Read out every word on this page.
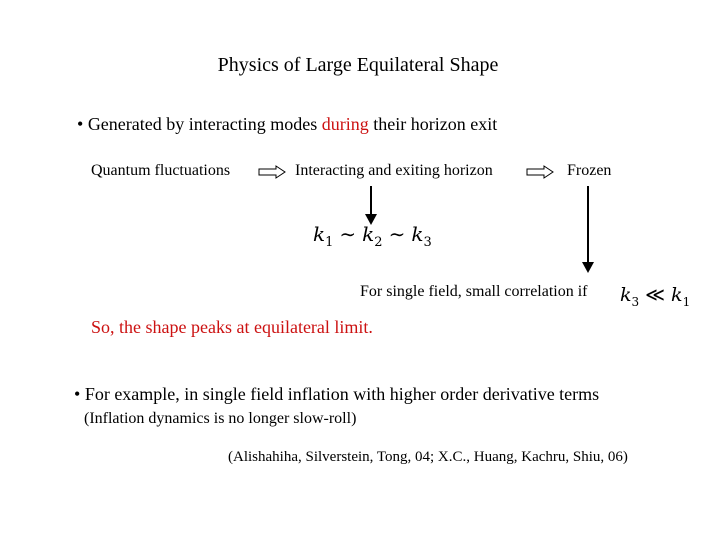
Physics of Large Equilateral Shape
• Generated by interacting modes during their horizon exit
Quantum fluctuations	Interacting and exiting horizon	Frozen
$k_1$ ∼ $k_2$ ∼ $k_3$
For single field, small correlation if $k_3$ ≪ $k_1$
So, the shape peaks at equilateral limit.
• For example, in single field inflation with higher order derivative terms
(Inflation dynamics is no longer slow-roll)
(Alishahiha, Silverstein, Tong, 04; X.C., Huang, Kachru, Shiu, 06)
